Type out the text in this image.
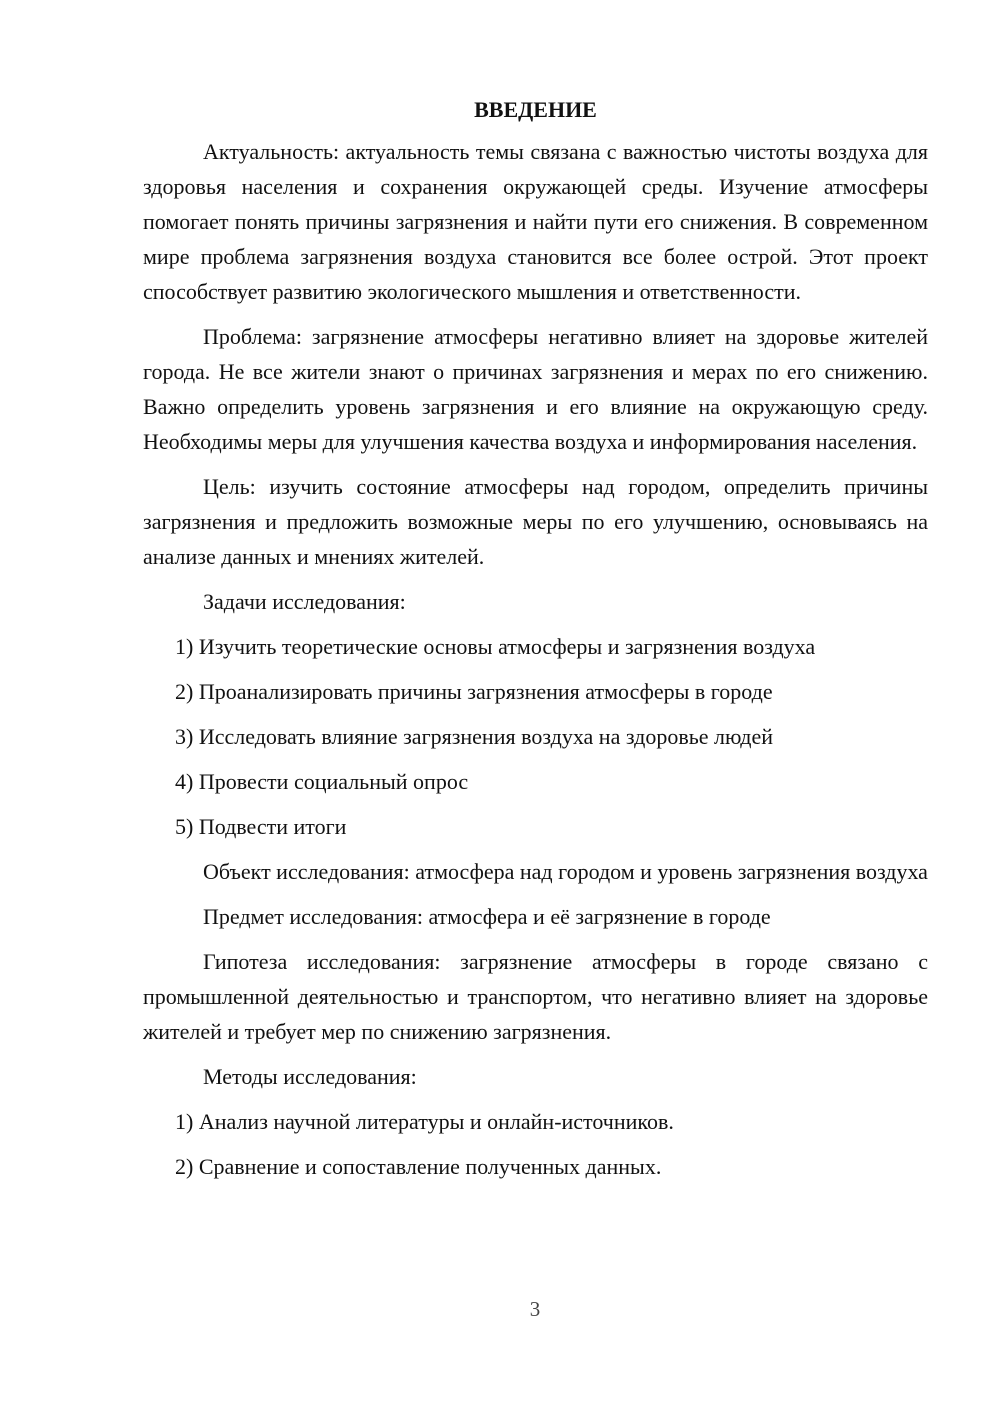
ВВЕДЕНИЕ

Актуальность: актуальность темы связана с важностью чистоты воздуха для здоровья населения и сохранения окружающей среды. Изучение атмосферы помогает понять причины загрязнения и найти пути его снижения. В современном мире проблема загрязнения воздуха становится все более острой. Этот проект способствует развитию экологического мышления и ответственности.

Проблема: загрязнение атмосферы негативно влияет на здоровье жителей города. Не все жители знают о причинах загрязнения и мерах по его снижению. Важно определить уровень загрязнения и его влияние на окружающую среду. Необходимы меры для улучшения качества воздуха и информирования населения.

Цель: изучить состояние атмосферы над городом, определить причины загрязнения и предложить возможные меры по его улучшению, основываясь на анализе данных и мнениях жителей.

Задачи исследования:

1) Изучить теоретические основы атмосферы и загрязнения воздуха
2) Проанализировать причины загрязнения атмосферы в городе
3) Исследовать влияние загрязнения воздуха на здоровье людей
4) Провести социальный опрос
5) Подвести итоги

Объект исследования: атмосфера над городом и уровень загрязнения воздуха

Предмет исследования: атмосфера и её загрязнение в городе

Гипотеза исследования: загрязнение атмосферы в городе связано с промышленной деятельностью и транспортом, что негативно влияет на здоровье жителей и требует мер по снижению загрязнения.

Методы исследования:

1) Анализ научной литературы и онлайн-источников.
2) Сравнение и сопоставление полученных данных.
3
